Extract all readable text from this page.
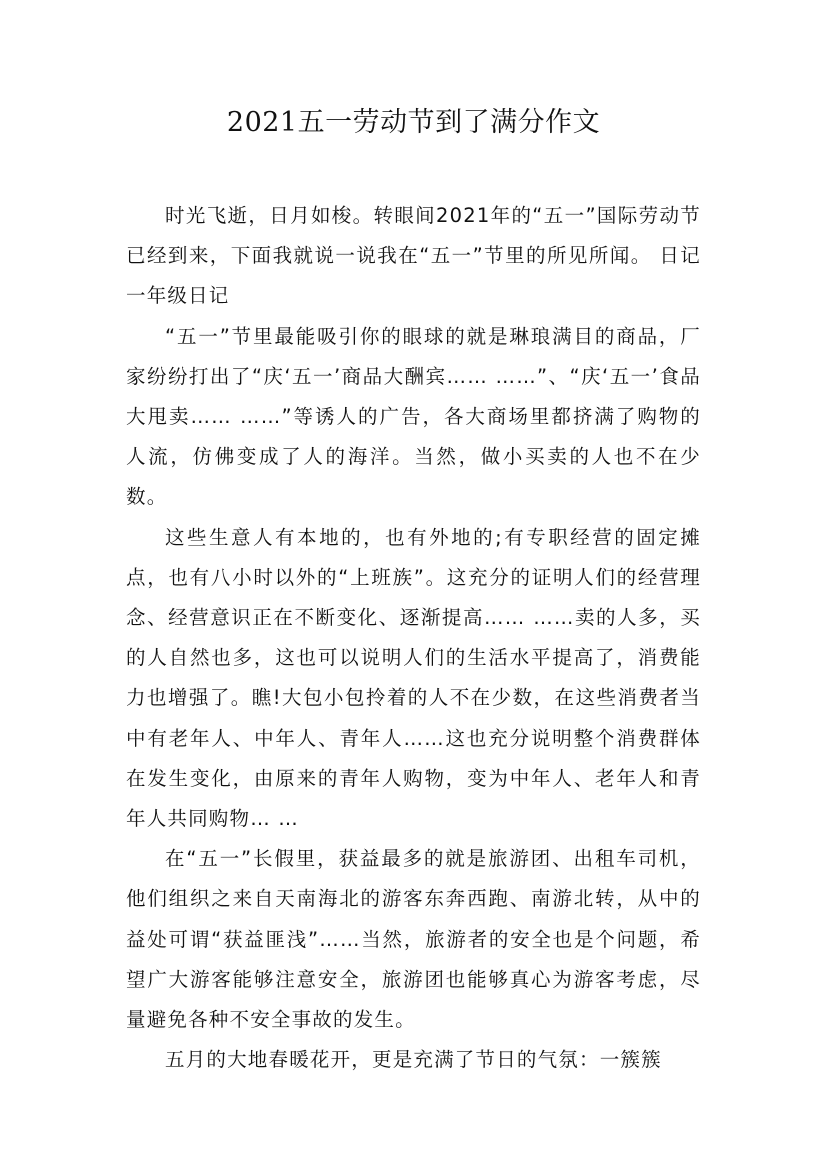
2021五一劳动节到了满分作文

时光飞逝，日月如梭。转眼间2021年的“五一”国际劳动节已经到来，下面我就说一说我在“五一”节里的所见所闻。 日记一年级日记

“五一”节里最能吸引你的眼球的就是琳琅满目的商品，厂家纷纷打出了“庆‘五一’商品大酬宾…… ……”、“庆‘五一’食品大甩卖…… ……”等诱人的广告，各大商场里都挤满了购物的人流，仿佛变成了人的海洋。当然，做小买卖的人也不在少数。

这些生意人有本地的，也有外地的;有专职经营的固定摊点，也有八小时以外的“上班族”。这充分的证明人们的经营理念、经营意识正在不断变化、逐渐提高…… ……卖的人多，买的人自然也多，这也可以说明人们的生活水平提高了，消费能力也增强了。瞧!大包小包拎着的人不在少数，在这些消费者当中有老年人、中年人、青年人……这也充分说明整个消费群体在发生变化，由原来的青年人购物，变为中年人、老年人和青年人共同购物… …

在“五一”长假里，获益最多的就是旅游团、出租车司机，他们组织之来自天南海北的游客东奔西跑、南游北转，从中的益处可谓“获益匪浅”……当然，旅游者的安全也是个问题，希望广大游客能够注意安全，旅游团也能够真心为游客考虑，尽量避免各种不安全事故的发生。

五月的大地春暖花开，更是充满了节日的气氛：一簇簇
